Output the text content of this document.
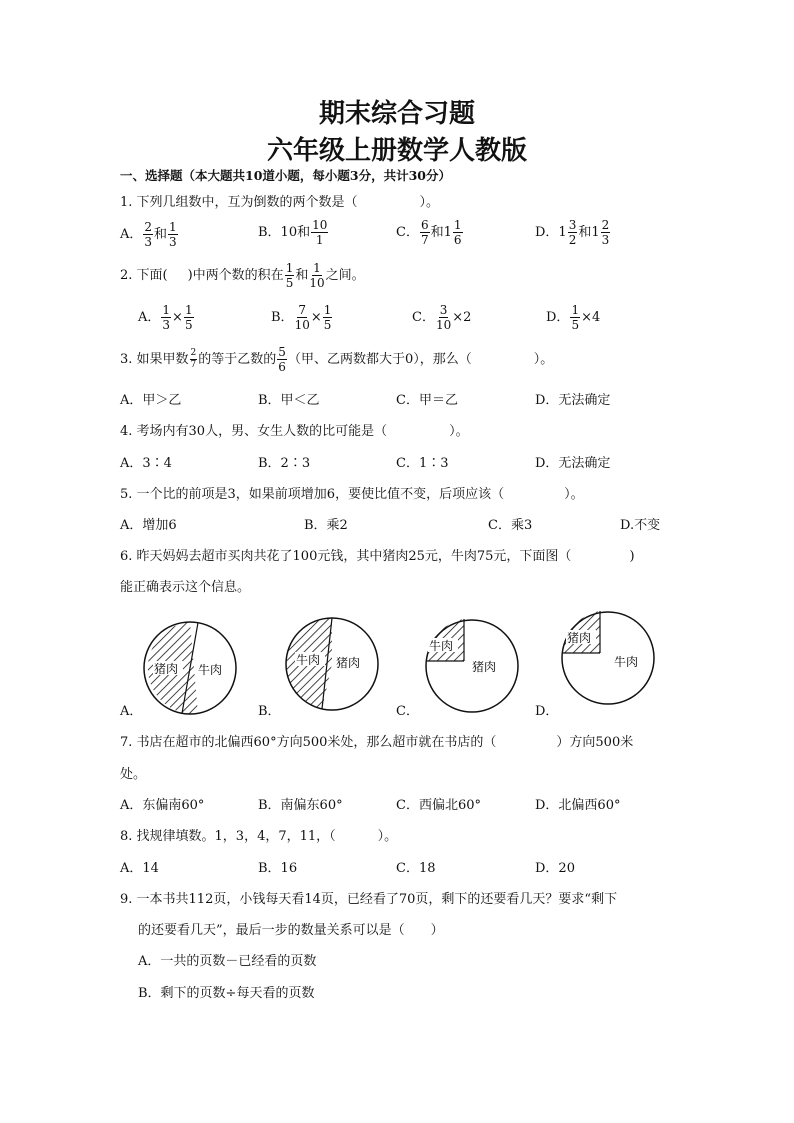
期末综合习题
六年级上册数学人教版
一、选择题（本大题共10道小题，每小题3分，共计30分）
1. 下列几组数中，互为倒数的两个数是（	）。
A． $\frac{2}{3}$ 和 $\frac{1}{3}$	B．10和 $\frac{10}{1}$	C． $\frac{6}{7}$ 和$1 \frac{1}{6}$	D．$1 \frac{3}{2}$ 和$1 \frac{2}{3}$
2. 下面( )中两个数的积在 $\frac{1}{5}$ 和 $\frac{1}{10}$ 之间。
A． $\frac{1}{3} \times \frac{1}{5}$	B． $\frac{7}{10} \times \frac{1}{5}$	C． $\frac{3}{10} \times 2$	D． $\frac{1}{5} \times 4$
3. 如果甲数 $\frac{2}{7}$ 的等于乙数的 $\frac{5}{6}$ （甲、乙两数都大于0），那么（	）。
A．甲＞乙	B．甲＜乙	C．甲＝乙	D．无法确定
4. 考场内有30人，男、女生人数的比可能是（	）。
A．3∶4	B．2∶3	C．1∶3	D．无法确定
5. 一个比的前项是3，如果前项增加6，要使比值不变，后项应该（	）。
A．增加6	B．乘2	C．乘3	D.不变
6. 昨天妈妈去超市买肉共花了100元钱，其中猪肉25元，牛肉75元，下面图（	)
能正确表示这个信息。
猪肉 牛肉
牛肉 猪肉
牛肉
猪肉
猪肉
牛肉
A．	B．	C．	D．
7. 书店在超市的北偏西60°方向500米处，那么超市就在书店的（	）方向500米
处。
A．东偏南60°	B．南偏东60°	C．西偏北60°	D．北偏西60°
8. 找规律填数。1，3，4，7，11，（	）。
A．14	B．16	C．18	D．20
9. 一本书共112页，小钱每天看14页，已经看了70页，剩下的还要看几天？要求“剩下
的还要看几天”，最后一步的数量关系可以是（　　）
A．一共的页数－已经看的页数
B．剩下的页数÷每天看的页数
